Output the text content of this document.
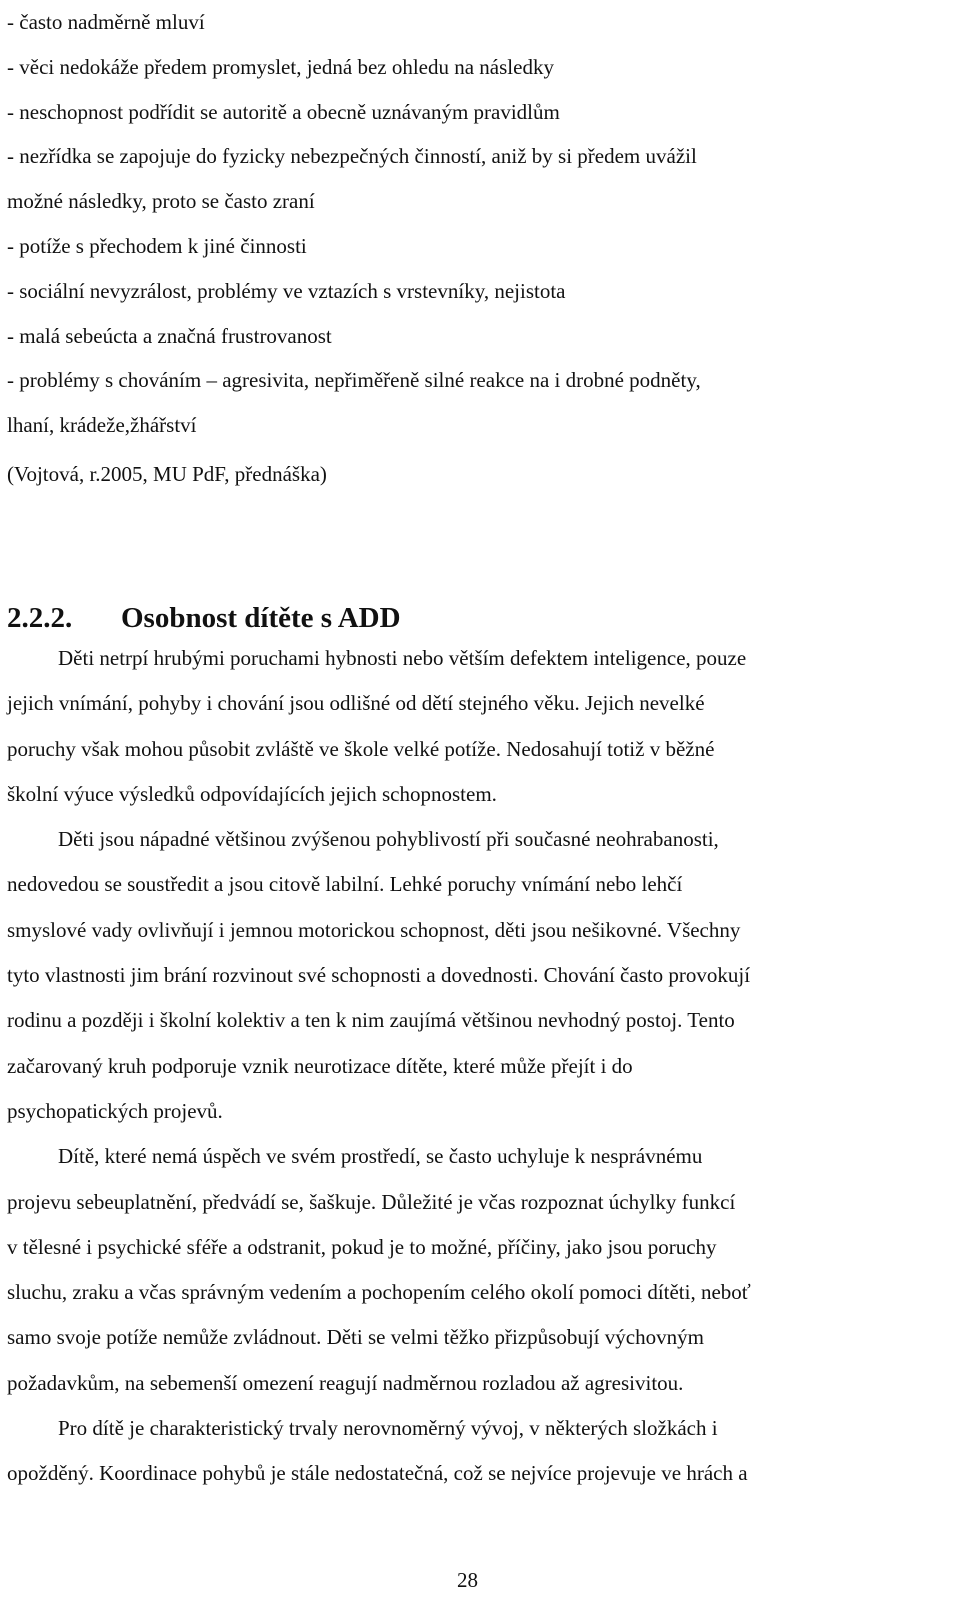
- často nadměrně mluví
- věci nedokáže předem promyslet, jedná bez ohledu na následky
- neschopnost podřídit se autoritě a obecně uznávaným pravidlům
- nezřídka se zapojuje do fyzicky nebezpečných činností, aniž by si předem uvážil
možné následky, proto se často zraní
- potíže s přechodem k jiné činnosti
- sociální nevyzrálost, problémy ve vztazích s vrstevníky, nejistota
- malá sebeúcta a značná frustrovanost
- problémy s chováním – agresivita, nepřiměřeně silné reakce na i drobné podněty,
lhaní, krádeže,žhářství
(Vojtová, r.2005, MU PdF, přednáška)
2.2.2. Osobnost dítěte s ADD
Děti netrpí hrubými poruchami hybnosti nebo větším defektem inteligence, pouze
jejich vnímání, pohyby i chování jsou odlišné od dětí stejného věku. Jejich nevelké
poruchy však mohou působit zvláště ve škole velké potíže. Nedosahují totiž v běžné
školní výuce výsledků odpovídajících jejich schopnostem.
Děti jsou nápadné většinou zvýšenou pohyblivostí při současné neohrabanosti,
nedovedou se soustředit a jsou citově labilní. Lehké poruchy vnímání nebo lehčí
smyslové vady ovlivňují i jemnou motorickou schopnost, děti jsou nešikovné. Všechny
tyto vlastnosti jim brání rozvinout své schopnosti a dovednosti. Chování často provokují
rodinu a později i školní kolektiv a ten k nim zaujímá většinou nevhodný postoj. Tento
začarovaný kruh podporuje vznik neurotizace dítěte, které může přejít i do
psychopatických projevů.
Dítě, které nemá úspěch ve svém prostředí, se často uchyluje k nesprávnému
projevu sebeuplatnění, předvádí se, šaškuje. Důležité je včas rozpoznat úchylky funkcí
v tělesné i psychické sféře a odstranit, pokud je to možné, příčiny, jako jsou poruchy
sluchu, zraku a včas správným vedením a pochopením celého okolí pomoci dítěti, neboť
samo svoje potíže nemůže zvládnout. Děti se velmi těžko přizpůsobují výchovným
požadavkům, na sebemenší omezení reagují nadměrnou rozladou až agresivitou.
Pro dítě je charakteristický trvaly nerovnoměrný vývoj, v některých složkách i
opožděný. Koordinace pohybů je stále nedostatečná, což se nejvíce projevuje ve hrách a
28
